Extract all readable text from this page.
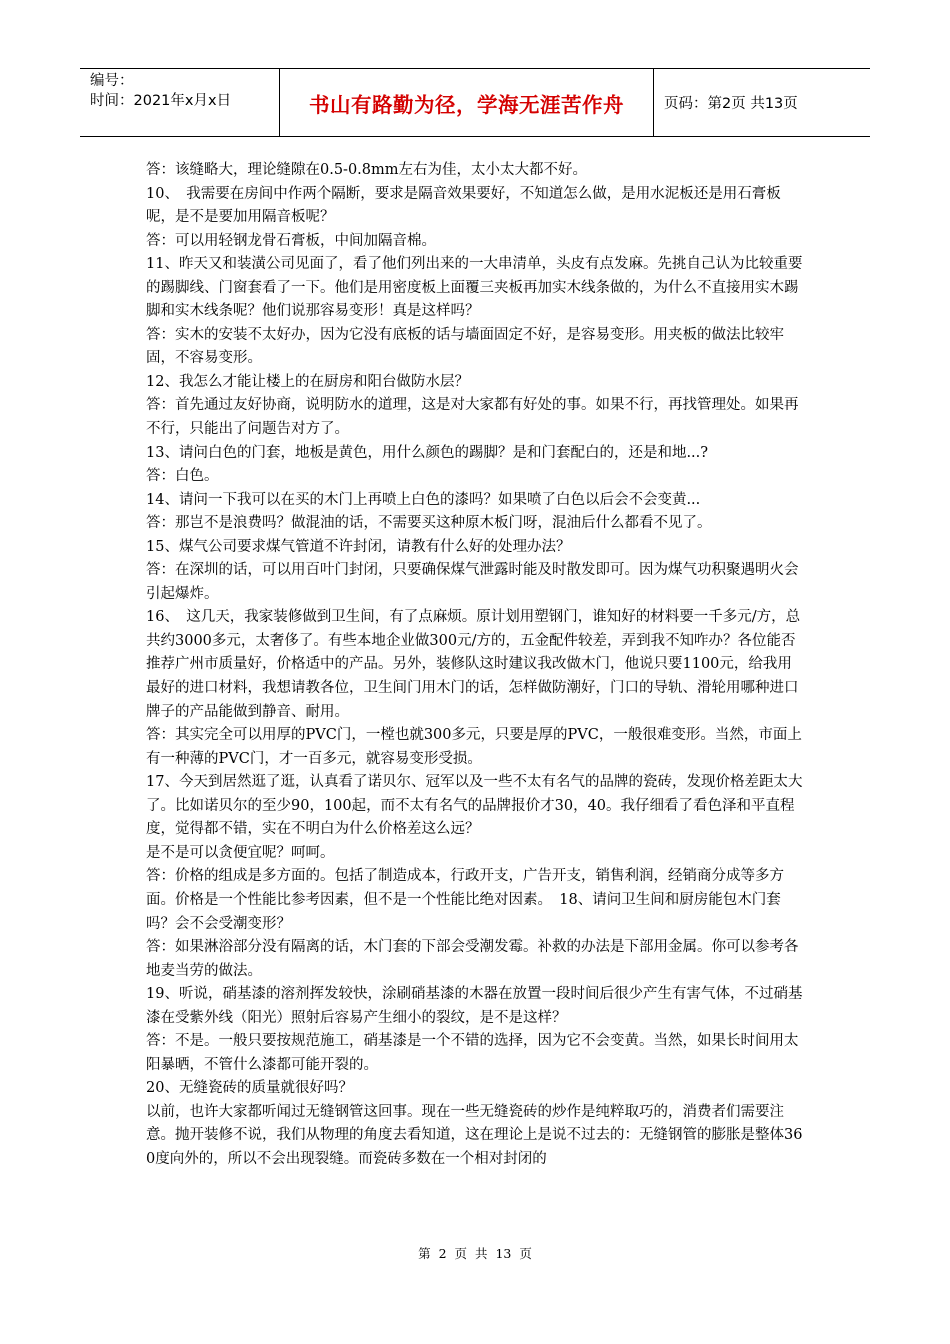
编号：
时间：2021年x月x日	书山有路勤为径，学海无涯苦作舟	页码：第2页 共13页

答：该缝略大，理论缝隙在0.5-0.8mm左右为佳，太小太大都不好。

10、　我需要在房间中作两个隔断，要求是隔音效果要好，不知道怎么做，是用水泥板还是用石膏板呢，是不是要加用隔音板呢？

答：可以用轻钢龙骨石膏板，中间加隔音棉。

11、昨天又和装潢公司见面了，看了他们列出来的一大串清单，头皮有点发麻。先挑自己认为比较重要的踢脚线、门窗套看了一下。他们是用密度板上面覆三夹板再加实木线条做的，为什么不直接用实木踢脚和实木线条呢？他们说那容易变形！真是这样吗？

答：实木的安装不太好办，因为它没有底板的话与墙面固定不好，是容易变形。用夹板的做法比较牢固，不容易变形。

12、我怎么才能让楼上的在厨房和阳台做防水层？

答：首先通过友好协商，说明防水的道理，这是对大家都有好处的事。如果不行，再找管理处。如果再不行，只能出了问题告对方了。

13、请问白色的门套，地板是黄色，用什么颜色的踢脚？是和门套配白的，还是和地...?

答：白色。

14、请问一下我可以在买的木门上再喷上白色的漆吗？如果喷了白色以后会不会变黄...

答：那岂不是浪费吗？做混油的话，不需要买这种原木板门呀，混油后什么都看不见了。

15、煤气公司要求煤气管道不许封闭，请教有什么好的处理办法？

答：在深圳的话，可以用百叶门封闭，只要确保煤气泄露时能及时散发即可。因为煤气功积聚遇明火会引起爆炸。

16、　这几天，我家装修做到卫生间，有了点麻烦。原计划用塑钢门，谁知好的材料要一千多元/方，总共约3000多元，太奢侈了。有些本地企业做300元/方的，五金配件较差，弄到我不知咋办？各位能否推荐广州市质量好，价格适中的产品。另外，装修队这时建议我改做木门，他说只要1100元，给我用最好的进口材料，我想请教各位，卫生间门用木门的话，怎样做防潮好，门口的导轨、滑轮用哪种进口牌子的产品能做到静音、耐用。

答：其实完全可以用厚的PVC门，一樘也就300多元，只要是厚的PVC，一般很难变形。当然，市面上有一种薄的PVC门，才一百多元，就容易变形受损。

17、今天到居然逛了逛，认真看了诺贝尔、冠军以及一些不太有名气的品牌的瓷砖，发现价格差距太大了。比如诺贝尔的至少90，100起，而不太有名气的品牌报价才30，40。我仔细看了看色泽和平直程度，觉得都不错，实在不明白为什么价格差这么远？

是不是可以贪便宜呢？呵呵。

答：价格的组成是多方面的。包括了制造成本，行政开支，广告开支，销售利润，经销商分成等多方面。价格是一个性能比参考因素，但不是一个性能比绝对因素。　18、请问卫生间和厨房能包木门套吗？会不会受潮变形？

答：如果淋浴部分没有隔离的话，木门套的下部会受潮发霉。补救的办法是下部用金属。你可以参考各地麦当劳的做法。

19、听说，硝基漆的溶剂挥发较快，涂刷硝基漆的木器在放置一段时间后很少产生有害气体，不过硝基漆在受紫外线（阳光）照射后容易产生细小的裂纹，是不是这样？

答：不是。一般只要按规范施工，硝基漆是一个不错的选择，因为它不会变黄。当然，如果长时间用太阳暴晒，不管什么漆都可能开裂的。

20、无缝瓷砖的质量就很好吗？

以前，也许大家都听闻过无缝钢管这回事。现在一些无缝瓷砖的炒作是纯粹取巧的，消费者们需要注意。抛开装修不说，我们从物理的角度去看知道，这在理论上是说不过去的：无缝钢管的膨胀是整体360度向外的，所以不会出现裂缝。而瓷砖多数在一个相对封闭的

第 2 页 共 13 页
